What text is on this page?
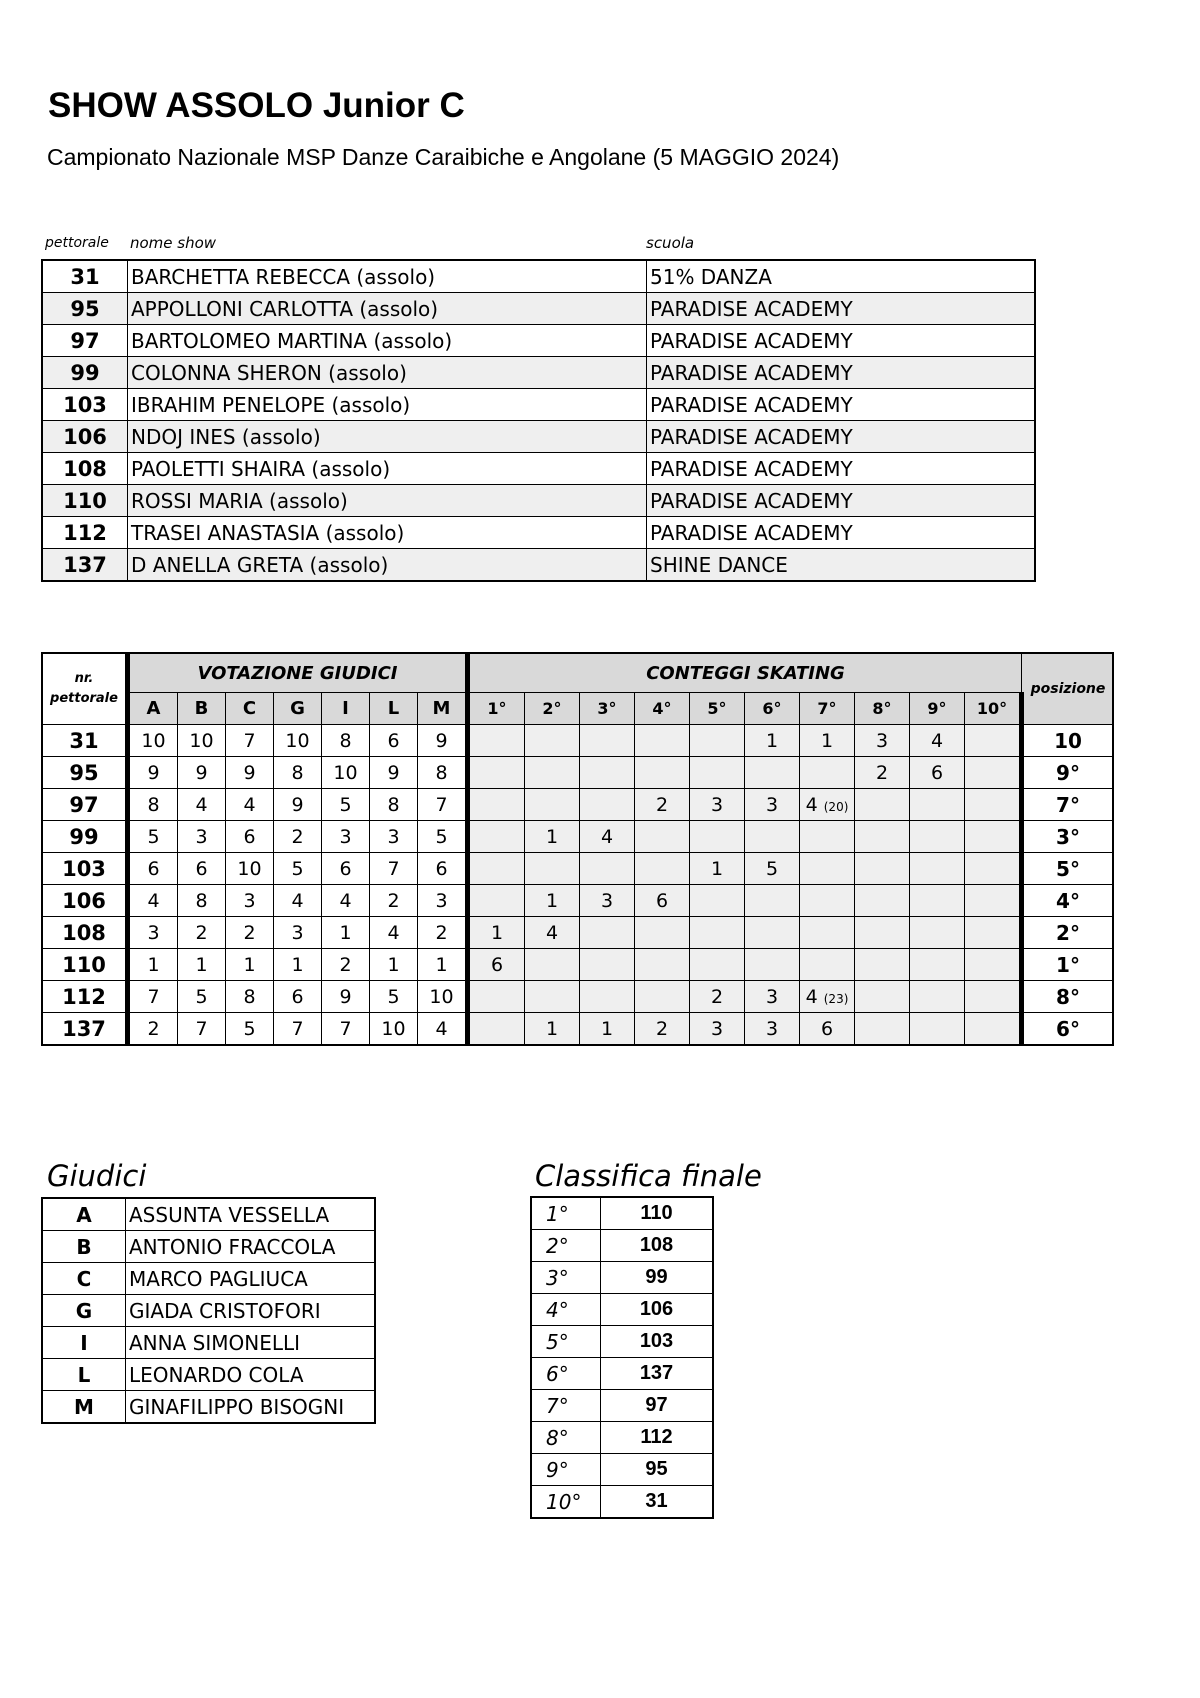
SHOW ASSOLO Junior C
Campionato Nazionale MSP Danze Caraibiche e Angolane (5 MAGGIO 2024)
pettorale nome show	scuola
31	BARCHETTA REBECCA (assolo)	51% DANZA
95	APPOLLONI CARLOTTA (assolo)	PARADISE ACADEMY
97	BARTOLOMEO MARTINA (assolo)	PARADISE ACADEMY
99	COLONNA SHERON (assolo)	PARADISE ACADEMY
103	IBRAHIM PENELOPE (assolo)	PARADISE ACADEMY
106	NDOJ INES (assolo)	PARADISE ACADEMY
108	PAOLETTI SHAIRA (assolo)	PARADISE ACADEMY
110	ROSSI MARIA (assolo)	PARADISE ACADEMY
112	TRASEI ANASTASIA (assolo)	PARADISE ACADEMY
137	D ANELLA GRETA (assolo)	SHINE DANCE
nr.
pettorale	VOTAZIONE GIUDICI							CONTEGGI SKATING										posizione
	A	B	C	G	I	L	M	1°	2°	3°	4°	5°	6°	7°	8°	9°	10°	
31	10	10	7	10	8	6	9						1	1	3	4		10
95	9	9	9	8	10	9	8								2	6		9°
97	8	4	4	9	5	8	7				2	3	3	4 (20)				7°
99	5	3	6	2	3	3	5		1	4								3°
103	6	6	10	5	6	7	6					1	5					5°
106	4	8	3	4	4	2	3		1	3	6							4°
108	3	2	2	3	1	4	2	1	4									2°
110	1	1	1	1	2	1	1	6										1°
112	7	5	8	6	9	5	10					2	3	4 (23)				8°
137	2	7	5	7	7	10	4		1	1	2	3	3	6				6°
Giudici
A	ASSUNTA VESSELLA
B	ANTONIO FRACCOLA
C	MARCO PAGLIUCA
G	GIADA CRISTOFORI
I	ANNA SIMONELLI
L	LEONARDO COLA
M	GINAFILIPPO BISOGNI
Classifica finale
1°	110
2°	108
3°	99
4°	106
5°	103
6°	137
7°	97
8°	112
9°	95
10°	31
